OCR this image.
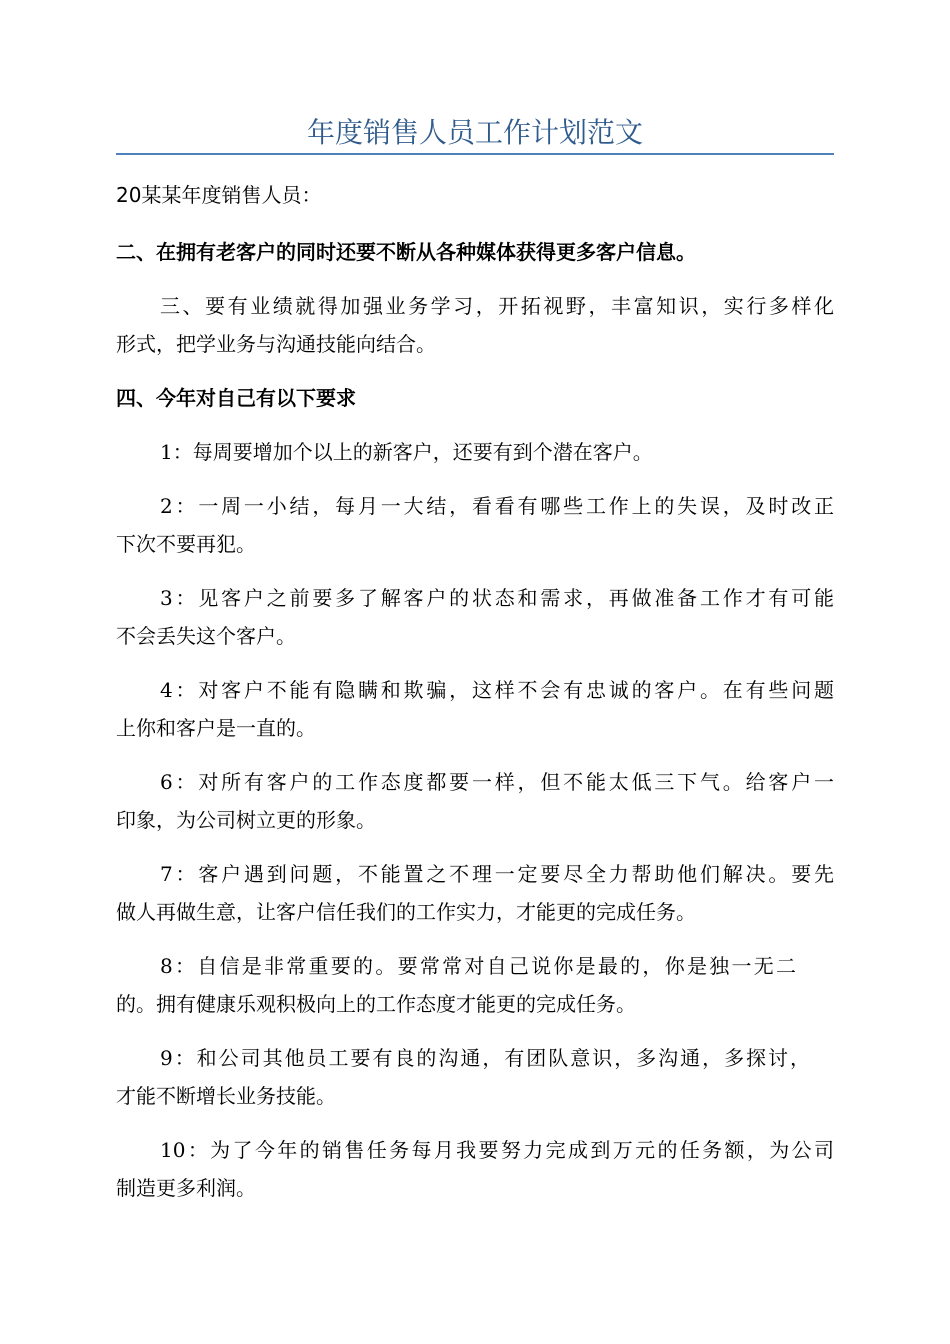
年度销售人员工作计划范文
20某某年度销售人员：
二、在拥有老客户的同时还要不断从各种媒体获得更多客户信息。
三、要有业绩就得加强业务学习，开拓视野，丰富知识，实行多样化
形式，把学业务与沟通技能向结合。
四、今年对自己有以下要求
1：每周要增加个以上的新客户，还要有到个潜在客户。
2：一周一小结，每月一大结，看看有哪些工作上的失误，及时改正
下次不要再犯。
3：见客户之前要多了解客户的状态和需求，再做准备工作才有可能
不会丢失这个客户。
4：对客户不能有隐瞒和欺骗，这样不会有忠诚的客户。在有些问题
上你和客户是一直的。
6：对所有客户的工作态度都要一样，但不能太低三下气。给客户一
印象，为公司树立更的形象。
7：客户遇到问题，不能置之不理一定要尽全力帮助他们解决。要先
做人再做生意，让客户信任我们的工作实力，才能更的完成任务。
8：自信是非常重要的。要常常对自己说你是最的，你是独一无二
的。拥有健康乐观积极向上的工作态度才能更的完成任务。
9：和公司其他员工要有良的沟通，有团队意识，多沟通，多探讨，
才能不断增长业务技能。
10：为了今年的销售任务每月我要努力完成到万元的任务额，为公司
制造更多利润。
